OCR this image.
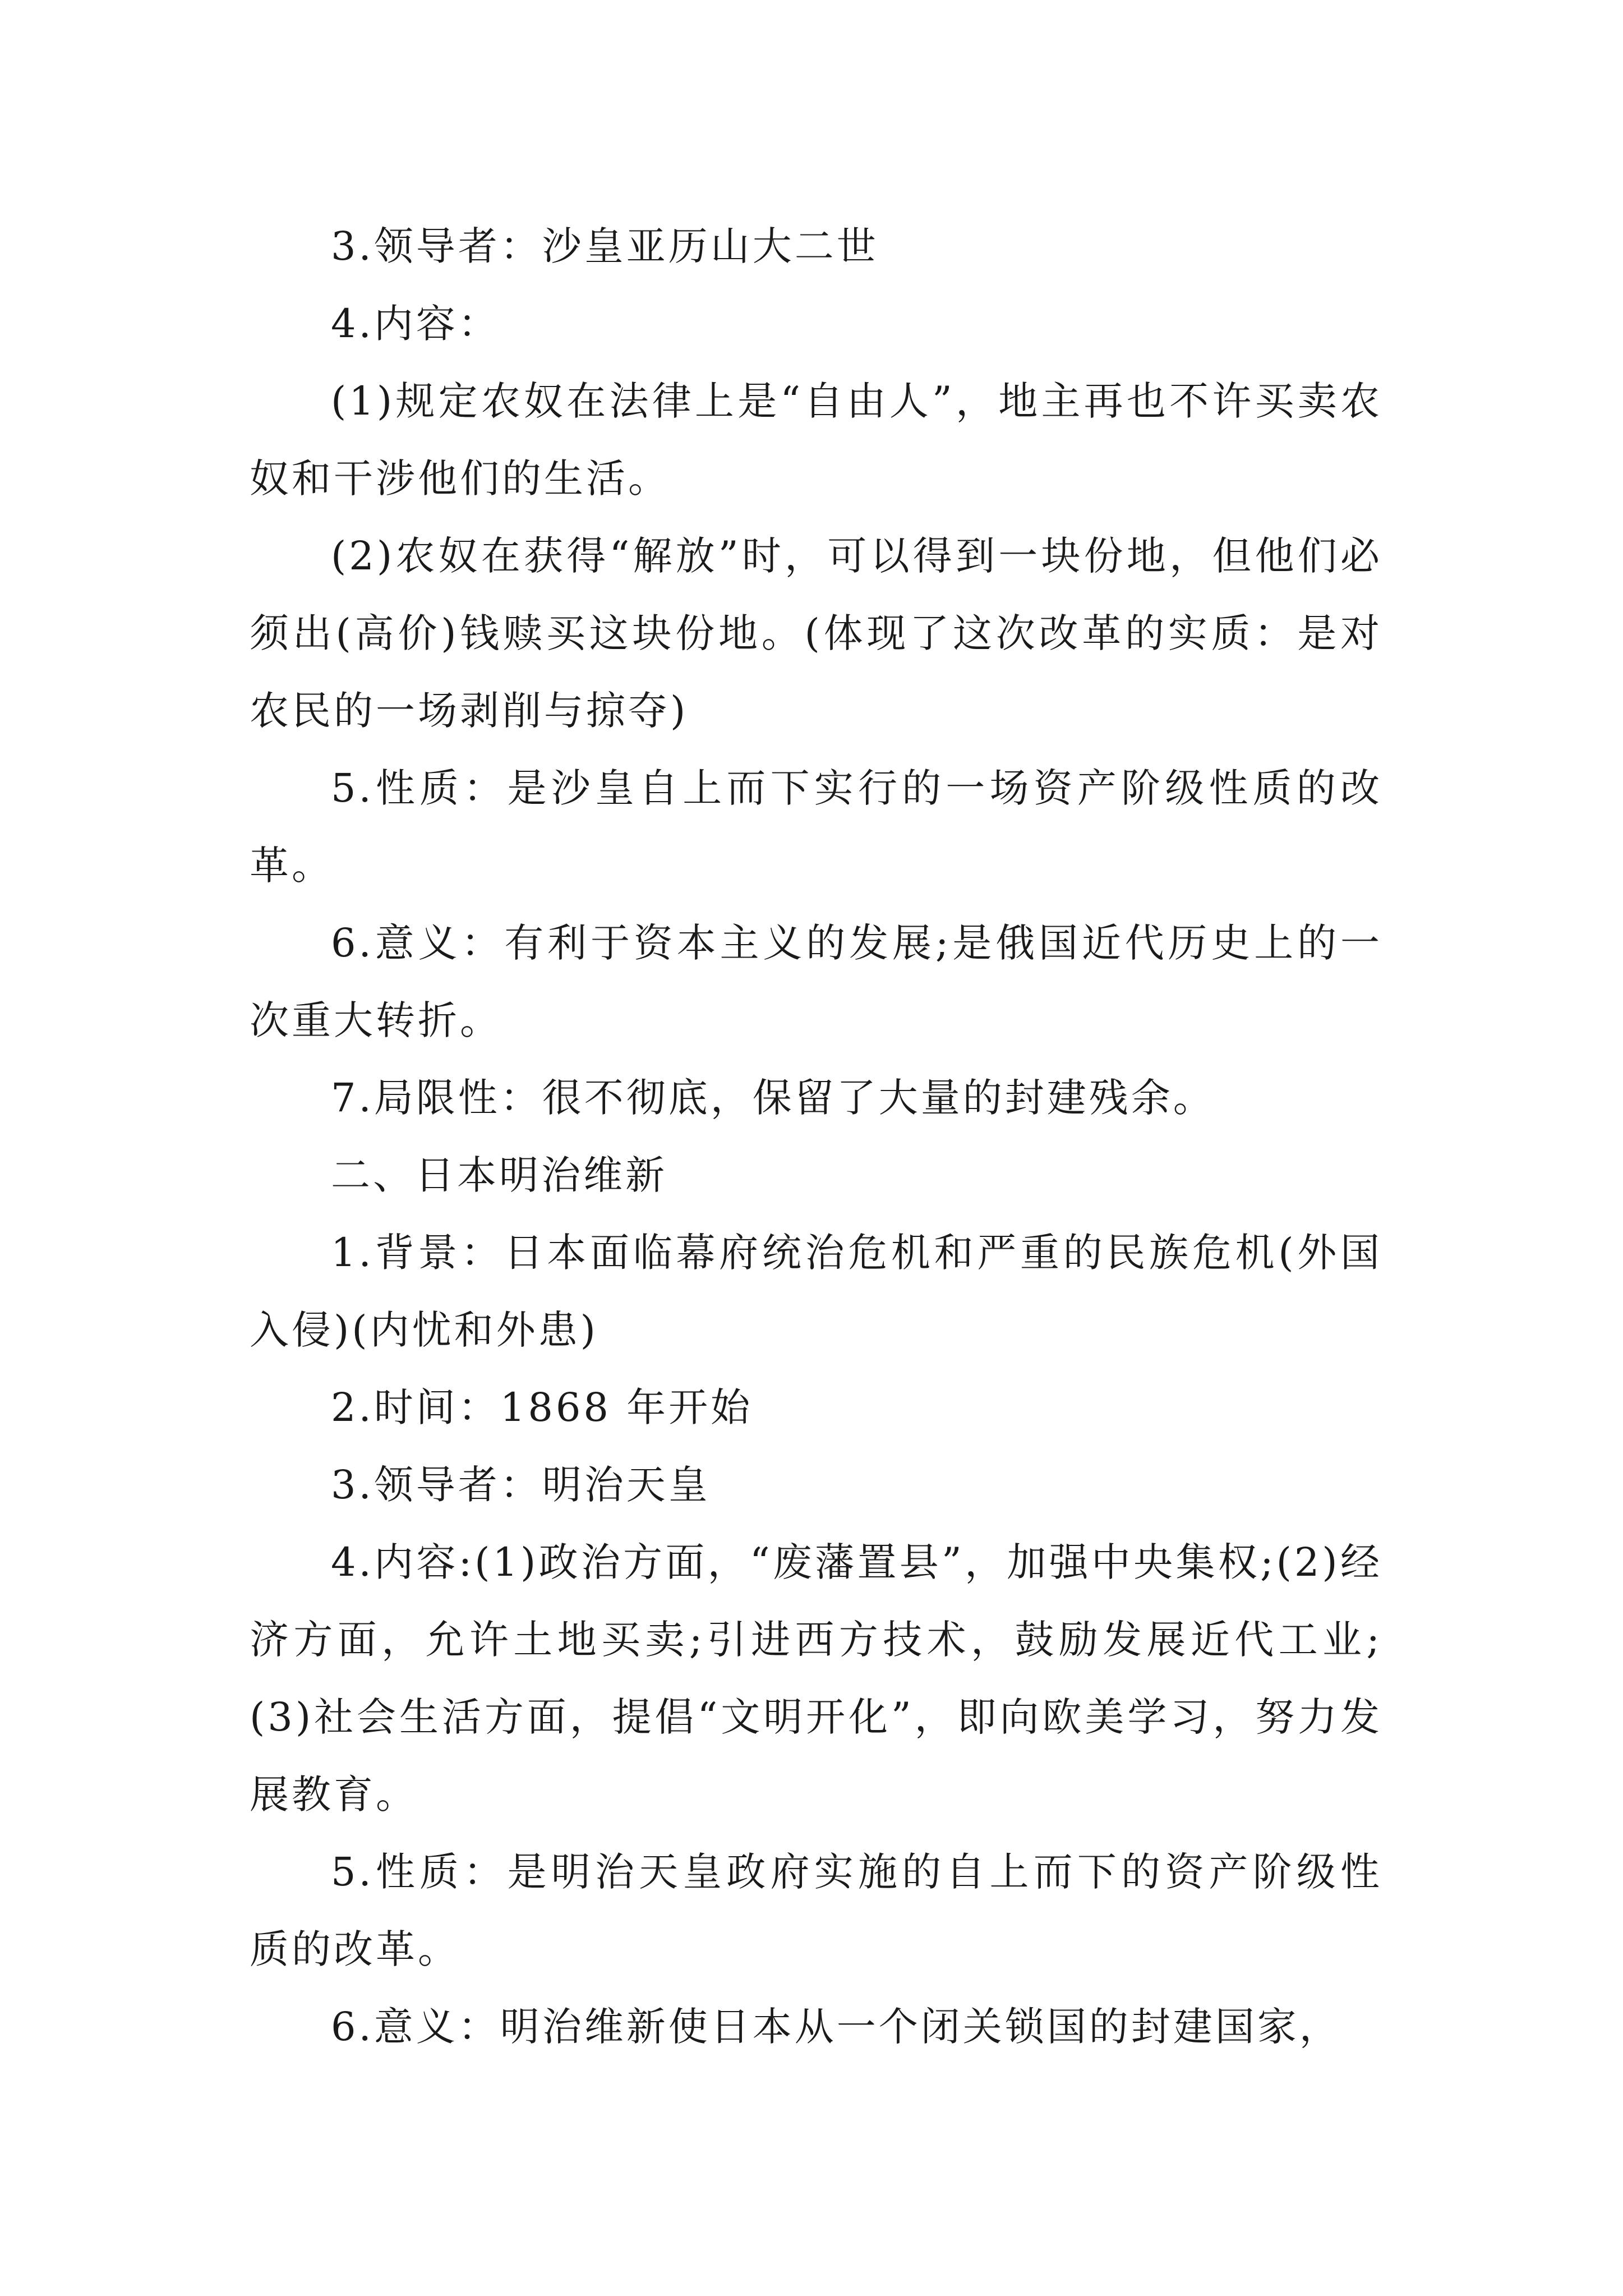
3.领导者：沙皇亚历山大二世

4.内容：

(1)规定农奴在法律上是“自由人”，地主再也不许买卖农奴和干涉他们的生活。

(2)农奴在获得“解放”时，可以得到一块份地，但他们必须出(高价)钱赎买这块份地。(体现了这次改革的实质：是对农民的一场剥削与掠夺)

5.性质：是沙皇自上而下实行的一场资产阶级性质的改革。

6.意义：有利于资本主义的发展;是俄国近代历史上的一次重大转折。

7.局限性：很不彻底，保留了大量的封建残余。

二、日本明治维新

1.背景：日本面临幕府统治危机和严重的民族危机(外国入侵)(内忧和外患)

2.时间：1868 年开始

3.领导者：明治天皇

4.内容:(1)政治方面，“废藩置县”，加强中央集权;(2)经济方面，允许土地买卖;引进西方技术，鼓励发展近代工业;(3)社会生活方面，提倡“文明开化”，即向欧美学习，努力发展教育。

5.性质：是明治天皇政府实施的自上而下的资产阶级性质的改革。

6.意义：明治维新使日本从一个闭关锁国的封建国家，
